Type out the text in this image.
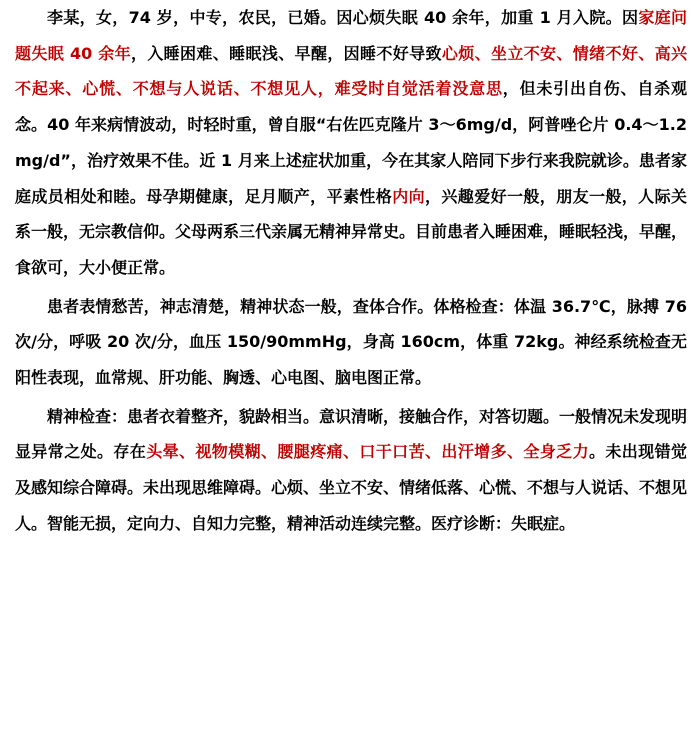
李某，女，74 岁，中专，农民，已婚。因心烦失眠 40 余年，加重 1 月入院。因家庭问题失眠 40 余年，入睡困难、睡眠浅、早醒，因睡不好导致心烦、坐立不安、情绪不好、高兴不起来、心慌、不想与人说话、不想见人，难受时自觉活着没意思，但未引出自伤、自杀观念。40 年来病情波动，时轻时重，曾自服“右佐匹克隆片 3～6mg/d，阿普唑仑片 0.4～1.2mg/d”，治疗效果不佳。近 1 月来上述症状加重，今在其家人陪同下步行来我院就诊。患者家庭成员相处和睦。母孕期健康，足月顺产，平素性格内向，兴趣爱好一般，朋友一般，人际关系一般，无宗教信仰。父母两系三代亲属无精神异常史。目前患者入睡困难，睡眠轻浅，早醒，食欲可，大小便正常。

患者表情愁苦，神志清楚，精神状态一般，查体合作。体格检查：体温 36.7℃，脉搏 76 次/分，呼吸 20 次/分，血压 150/90mmHg，身高 160cm，体重 72kg。神经系统检查无阳性表现，血常规、肝功能、胸透、心电图、脑电图正常。

精神检查：患者衣着整齐，貌龄相当。意识清晰，接触合作，对答切题。一般情况未发现明显异常之处。存在头晕、视物模糊、腰腿疼痛、口干口苦、出汗增多、全身乏力。未出现错觉及感知综合障碍。未出现思维障碍。心烦、坐立不安、情绪低落、心慌、不想与人说话、不想见人。智能无损，定向力、自知力完整，精神活动连续完整。医疗诊断：失眠症。
